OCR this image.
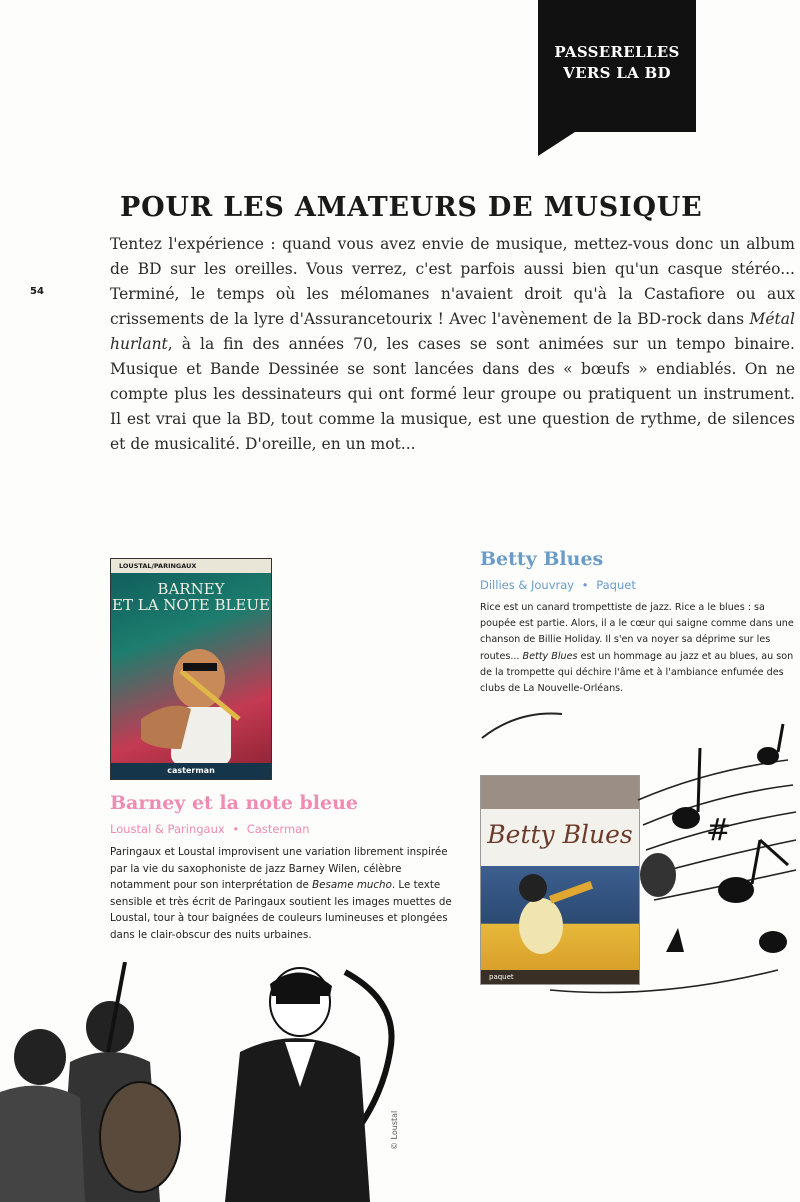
PASSERELLES
VERS LA BD
54
POUR LES AMATEURS DE MUSIQUE

Tentez l'expérience : quand vous avez envie de musique, mettez-vous donc un album de BD sur les oreilles. Vous verrez, c'est parfois aussi bien qu'un casque stéréo... Terminé, le temps où les mélomanes n'avaient droit qu'à la Castafiore ou aux crissements de la lyre d'Assurancetourix ! Avec l'avènement de la BD-rock dans Métal hurlant, à la fin des années 70, les cases se sont animées sur un tempo binaire. Musique et Bande Dessinée se sont lancées dans des « bœufs » endiablés. On ne compte plus les dessinateurs qui ont formé leur groupe ou pratiquent un instrument. Il est vrai que la BD, tout comme la musique, est une question de rythme, de silences et de musicalité. D'oreille, en un mot...

LOUSTAL/PARINGAUX
BARNEY
ET LA NOTE BLEUE
casterman
Barney et la note bleue
Loustal & Paringaux • Casterman

Paringaux et Loustal improvisent une variation librement inspirée par la vie du saxophoniste de jazz Barney Wilen, célèbre notamment pour son interprétation de Besame mucho. Le texte sensible et très écrit de Paringaux soutient les images muettes de Loustal, tour à tour baignées de couleurs lumineuses et plongées dans le clair-obscur des nuits urbaines.

Betty Blues
Dillies & Jouvray • Paquet

Rice est un canard trompettiste de jazz. Rice a le blues : sa poupée est partie. Alors, il a le cœur qui saigne comme dans une chanson de Billie Holiday. Il s'en va noyer sa déprime sur les routes... Betty Blues est un hommage au jazz et au blues, au son de la trompette qui déchire l'âme et à l'ambiance enfumée des clubs de La Nouvelle-Orléans.

Betty Blues
paquet
#
© Loustal
